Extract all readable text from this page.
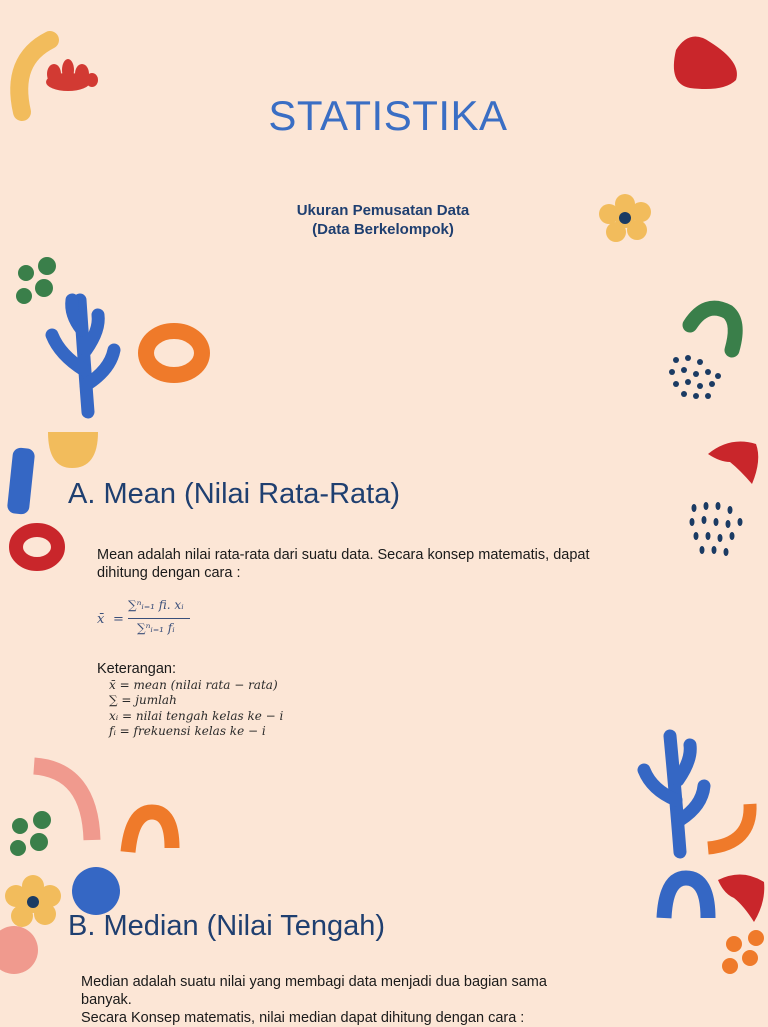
STATISTIKA
Ukuran Pemusatan Data
(Data Berkelompok)
A. Mean (Nilai Rata-Rata)
Mean adalah nilai rata-rata dari suatu data. Secara konsep matematis, dapat
dihitung dengan cara :
x̄ =
∑ⁿᵢ₌₁ fi. xᵢ
∑ⁿᵢ₌₁ fᵢ
Keterangan:
x̄ = mean (nilai rata − rata)
∑ = jumlah
xᵢ = nilai tengah kelas ke − i
fᵢ = frekuensi kelas ke − i
B. Median (Nilai Tengah)
Median adalah suatu nilai yang membagi data menjadi dua bagian sama
banyak.
Secara Konsep matematis, nilai median dapat dihitung dengan cara :
